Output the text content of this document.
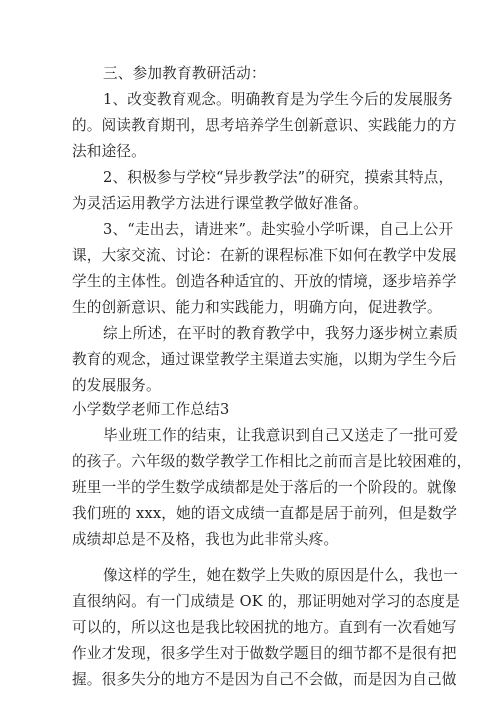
三、参加教育教研活动：
1、改变教育观念。明确教育是为学生今后的发展服务
的。阅读教育期刊，思考培养学生创新意识、实践能力的方
法和途径。
2、积极参与学校“异步教学法”的研究，摸索其特点，
为灵活运用教学方法进行课堂教学做好准备。
3、“走出去，请进来”。赴实验小学听课，自己上公开
课，大家交流、讨论：在新的课程标准下如何在教学中发展
学生的主体性。创造各种适宜的、开放的情境，逐步培养学
生的创新意识、能力和实践能力，明确方向，促进教学。
综上所述，在平时的教育教学中，我努力逐步树立素质
教育的观念，通过课堂教学主渠道去实施，以期为学生今后
的发展服务。
小学数学老师工作总结3
毕业班工作的结束，让我意识到自己又送走了一批可爱
的孩子。六年级的数学教学工作相比之前而言是比较困难的，
班里一半的学生数学成绩都是处于落后的一个阶段的。就像
我们班的 xxx，她的语文成绩一直都是居于前列，但是数学
成绩却总是不及格，我也为此非常头疼。
像这样的学生，她在数学上失败的原因是什么，我也一
直很纳闷。有一门成绩是 OK 的，那证明她对学习的态度是
可以的，所以这也是我比较困扰的地方。直到有一次看她写
作业才发现，很多学生对于做数学题目的细节都不是很有把
握。很多失分的地方不是因为自己不会做，而是因为自己做
